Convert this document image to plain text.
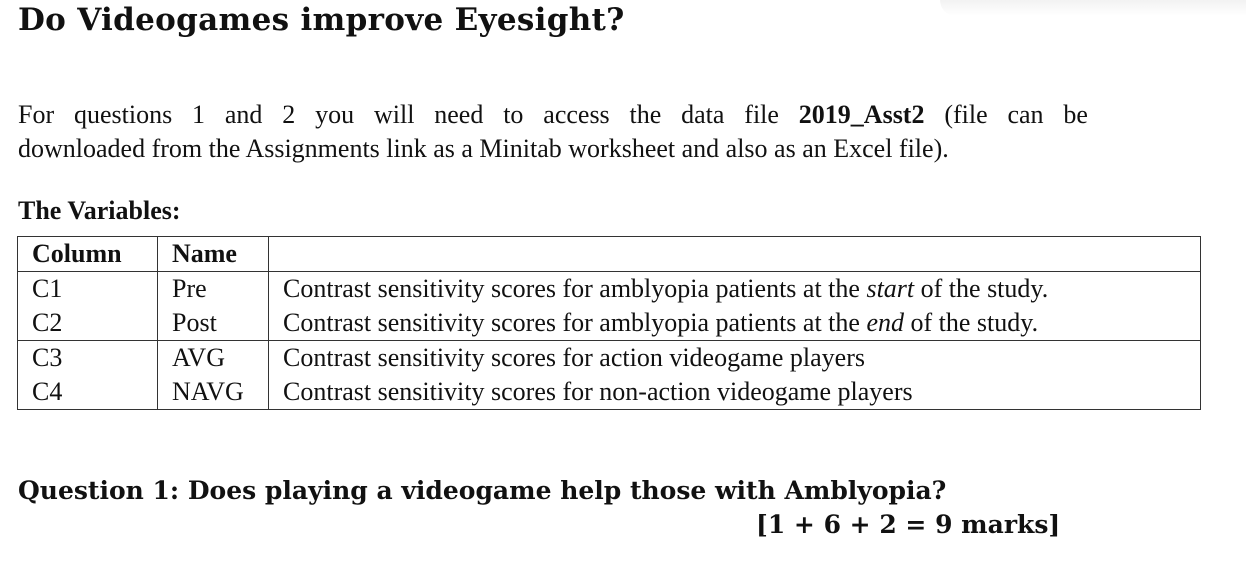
Do Videogames improve Eyesight?
For questions 1 and 2 you will need to access the data file 2019_Asst2 (file can be
downloaded from the Assignments link as a Minitab worksheet and also as an Excel file).
The Variables:
Column	Name	
C1	Pre	Contrast sensitivity scores for amblyopia patients at the start of the study.
C2	Post	Contrast sensitivity scores for amblyopia patients at the end of the study.
C3	AVG	Contrast sensitivity scores for action videogame players
C4	NAVG	Contrast sensitivity scores for non-action videogame players
Question 1: Does playing a videogame help those with Amblyopia?
[1 + 6 + 2 = 9 marks]
